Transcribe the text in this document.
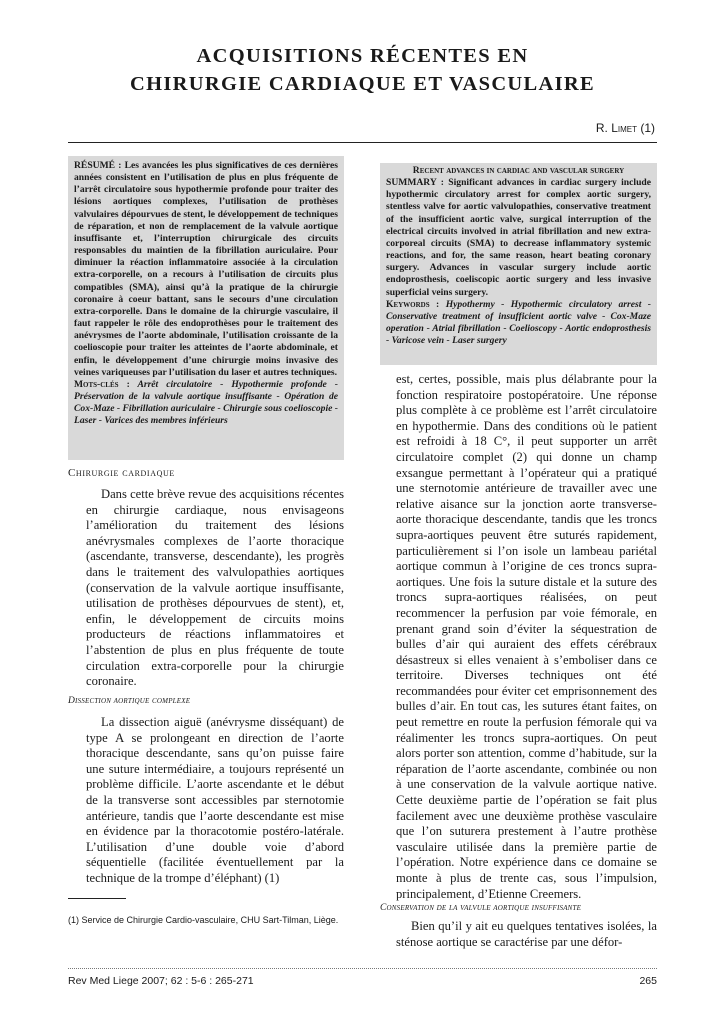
ACQUISITIONS RÉCENTES EN
CHIRURGIE CARDIAQUE ET VASCULAIRE
R. Limet (1)
RÉSUMÉ : Les avancées les plus significatives de ces dernières années consistent en l’utilisation de plus en plus fréquente de l’arrêt circulatoire sous hypothermie profonde pour traiter des lésions aortiques complexes, l’utilisation de prothèses valvulaires dépourvues de stent, le développement de techniques de réparation, et non de remplacement de la valvule aortique insuffisante et, l’interruption chirurgicale des circuits responsables du maintien de la fibrillation auriculaire. Pour diminuer la réaction inflammatoire associée à la circulation extra-corporelle, on a recours à l’utilisation de circuits plus compatibles (SMA), ainsi qu’à la pratique de la chirurgie coronaire à coeur battant, sans le secours d’une circulation extra-corporelle. Dans le domaine de la chirurgie vasculaire, il faut rappeler le rôle des endoprothèses pour le traitement des anévrysmes de l’aorte abdominale, l’utilisation croissante de la coelioscopie pour traiter les atteintes de l’aorte abdominale, et enfin, le développement d’une chirurgie moins invasive des veines variqueuses par l’utilisation du laser et autres techniques.
Mots-clés : Arrêt circulatoire - Hypothermie profonde - Préservation de la valvule aortique insuffisante - Opération de Cox-Maze - Fibrillation auriculaire - Chirurgie sous coelioscopie - Laser - Varices des membres inférieurs
Recent advances in cardiac and vascular surgery
SUMMARY : Significant advances in cardiac surgery include hypothermic circulatory arrest for complex aortic surgery, stentless valve for aortic valvulopathies, conservative treatment of the insufficient aortic valve, surgical interruption of the electrical circuits involved in atrial fibrillation and new extra-corporeal circuits (SMA) to decrease inflammatory systemic reactions, and for, the same reason, heart beating coronary surgery. Advances in vascular surgery include aortic endoprosthesis, coeliscopic aortic surgery and less invasive superficial veins surgery.
Keywords : Hypothermy - Hypothermic circulatory arrest - Conservative treatment of insufficient aortic valve - Cox-Maze operation - Atrial fibrillation - Coelioscopy - Aortic endoprosthesis - Varicose vein - Laser surgery
Chirurgie cardiaque
Dans cette brève revue des acquisitions récentes en chirurgie cardiaque, nous envisageons l’amélioration du traitement des lésions anévrysmales complexes de l’aorte thoracique (ascendante, transverse, descendante), les progrès dans le traitement des valvulopathies aortiques (conservation de la valvule aortique insuffisante, utilisation de prothèses dépourvues de stent), et, enfin, le développement de circuits moins producteurs de réactions inflammatoires et l’abstention de plus en plus fréquente de toute circulation extra-corporelle pour la chirurgie coronaire.
Dissection aortique complexe
La dissection aiguë (anévrysme disséquant) de type A se prolongeant en direction de l’aorte thoracique descendante, sans qu’on puisse faire une suture intermédiaire, a toujours représenté un problème difficile. L’aorte ascendante et le début de la transverse sont accessibles par sternotomie antérieure, tandis que l’aorte descendante est mise en évidence par la thoracotomie postéro-latérale. L’utilisation d’une double voie d’abord séquentielle (facilitée éventuellement par la technique de la trompe d’éléphant) (1)
est, certes, possible, mais plus délabrante pour la fonction respiratoire postopératoire. Une réponse plus complète à ce problème est l’arrêt circulatoire en hypothermie. Dans des conditions où le patient est refroidi à 18 C°, il peut supporter un arrêt circulatoire complet (2) qui donne un champ exsangue permettant à l’opérateur qui a pratiqué une sternotomie antérieure de travailler avec une relative aisance sur la jonction aorte transverse-aorte thoracique descendante, tandis que les troncs supra-aortiques peuvent être suturés rapidement, particulièrement si l’on isole un lambeau pariétal aortique commun à l’origine de ces troncs supra-aortiques. Une fois la suture distale et la suture des troncs supra-aortiques réalisées, on peut recommencer la perfusion par voie fémorale, en prenant grand soin d’éviter la séquestration de bulles d’air qui auraient des effets cérébraux désastreux si elles venaient à s’emboliser dans ce territoire. Diverses techniques ont été recommandées pour éviter cet emprisonnement des bulles d’air. En tout cas, les sutures étant faites, on peut remettre en route la perfusion fémorale qui va réalimenter les troncs supra-aortiques. On peut alors porter son attention, comme d’habitude, sur la réparation de l’aorte ascendante, combinée ou non à une conservation de la valvule aortique native. Cette deuxième partie de l’opération se fait plus facilement avec une deuxième prothèse vasculaire que l’on suturera prestement à l’autre prothèse vasculaire utilisée dans la première partie de l’opération. Notre expérience dans ce domaine se monte à plus de trente cas, sous l’impulsion, principalement, d’Etienne Creemers.
Conservation de la valvule aortique insuffisante
Bien qu’il y ait eu quelques tentatives isolées, la sténose aortique se caractérise par une défor-
(1) Service de Chirurgie Cardio-vasculaire, CHU Sart-Tilman, Liège.
Rev Med Liege 2007; 62 : 5-6 : 265-271	265
